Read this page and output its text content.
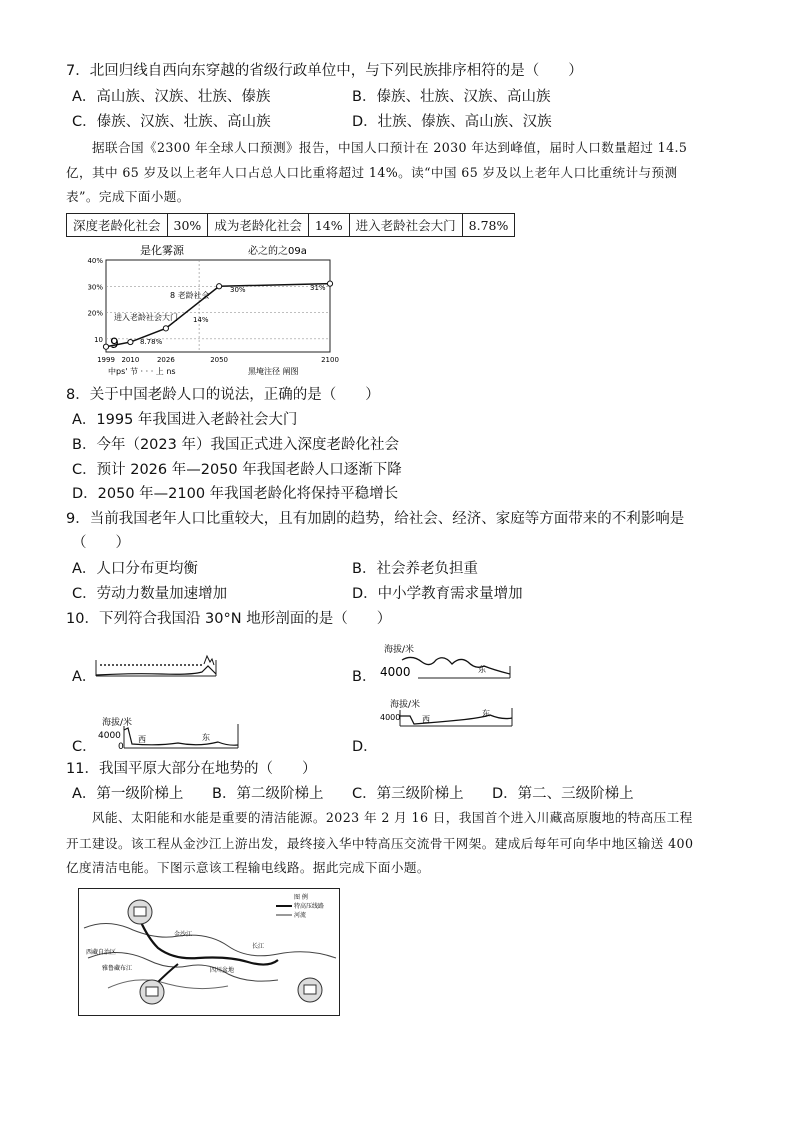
7．北回归线自西向东穿越的省级行政单位中，与下列民族排序相符的是（　　）
A．高山族、汉族、壮族、傣族	B．傣族、壮族、汉族、高山族
C．傣族、汉族、壮族、高山族	D．壮族、傣族、高山族、汉族
据联合国《2300 年全球人口预测》报告，中国人口预计在 2030 年达到峰值，届时人口数量超过 14.5
亿，其中 65 岁及以上老年人口占总人口比重将超过 14%。读“中国 65 岁及以上老年人口比重统计与预测
表”。完成下面小题。
深度老龄化社会	30%	成为老龄化社会	14%	进入老龄社会大门	8.78%
是化雾源	必之的之09a
10
20%
30%
40%
1999 2010	2026	2050	2100
进入老龄社会大门
8 老龄社会
14%
30%	31%
8.78%
中ps' 节 · · · 上 ns	黑埯注径 阐图
9
8．关于中国老龄人口的说法，正确的是（　　）
A．1995 年我国进入老龄社会大门
B．今年（2023 年）我国正式进入深度老龄化社会
C．预计 2026 年—2050 年我国老龄人口逐渐下降
D．2050 年—2100 年我国老龄化将保持平稳增长
9．当前我国老年人口比重较大，且有加剧的趋势，给社会、经济、家庭等方面带来的不利影响是
（　　）
A．人口分布更均衡	B．社会养老负担重
C．劳动力数量加速增加	D．中小学教育需求量增加
10．下列符合我国沿 30°N 地形剖面的是（　　）
A．	B．
海拔/米
4000	东
C．
海拔/米
4000
0
西	东
D．
海拔/米
4000	西
东
11．我国平原大部分在地势的（　　）
A．第一级阶梯上 B．第二级阶梯上 C．第三级阶梯上 D．第二、三级阶梯上
风能、太阳能和水能是重要的清洁能源。2023 年 2 月 16 日，我国首个进入川藏高原腹地的特高压工程
开工建设。该工程从金沙江上游出发，最终接入华中特高压交流骨干网架。建成后每年可向华中地区输送 400
亿度清洁电能。下图示意该工程输电线路。据此完成下面小题。
图 例
特高压线路
河流
金沙江
长江
四川盆地
雅鲁藏布江
西藏自治区
